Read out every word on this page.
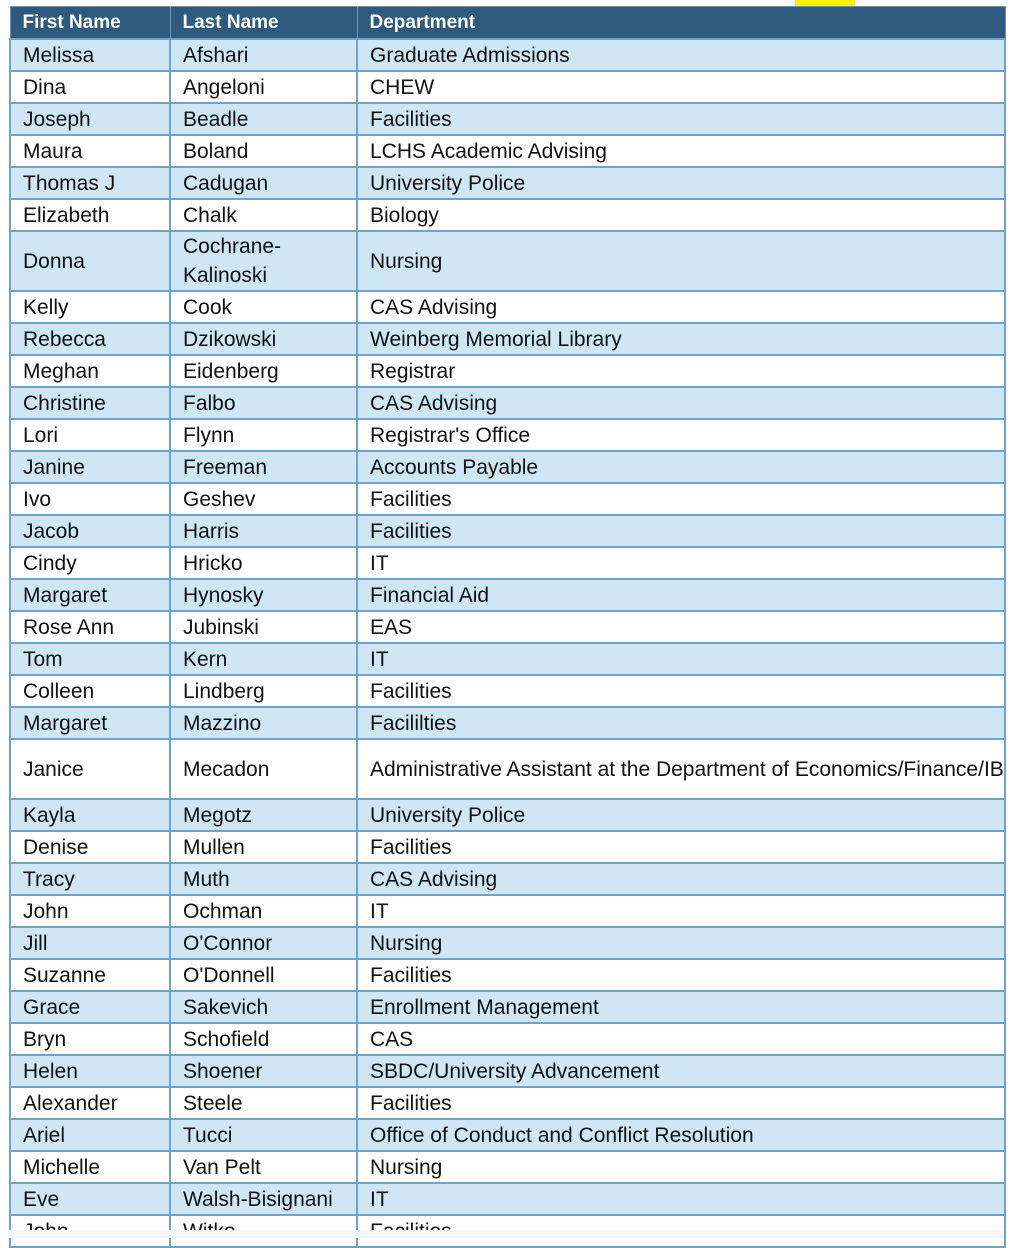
First Name	Last Name	Department
Melissa	Afshari	Graduate Admissions
Dina	Angeloni	CHEW
Joseph	Beadle	Facilities
Maura	Boland	LCHS Academic Advising
Thomas J	Cadugan	University Police
Elizabeth	Chalk	Biology
Donna	Cochrane-Kalinoski	Nursing
Kelly	Cook	CAS Advising
Rebecca	Dzikowski	Weinberg Memorial Library
Meghan	Eidenberg	Registrar
Christine	Falbo	CAS Advising
Lori	Flynn	Registrar's Office
Janine	Freeman	Accounts Payable
Ivo	Geshev	Facilities
Jacob	Harris	Facilities
Cindy	Hricko	IT
Margaret	Hynosky	Financial Aid
Rose Ann	Jubinski	EAS
Tom	Kern	IT
Colleen	Lindberg	Facilities
Margaret	Mazzino	Facililties
Janice	Mecadon	Administrative Assistant at the Department of Economics/Finance/IB
Kayla	Megotz	University Police
Denise	Mullen	Facilities
Tracy	Muth	CAS Advising
John	Ochman	IT
Jill	O'Connor	Nursing
Suzanne	O'Donnell	Facilities
Grace	Sakevich	Enrollment Management
Bryn	Schofield	CAS
Helen	Shoener	SBDC/University Advancement
Alexander	Steele	Facilities
Ariel	Tucci	Office of Conduct and Conflict Resolution
Michelle	Van Pelt	Nursing
Eve	Walsh-Bisignani	IT
